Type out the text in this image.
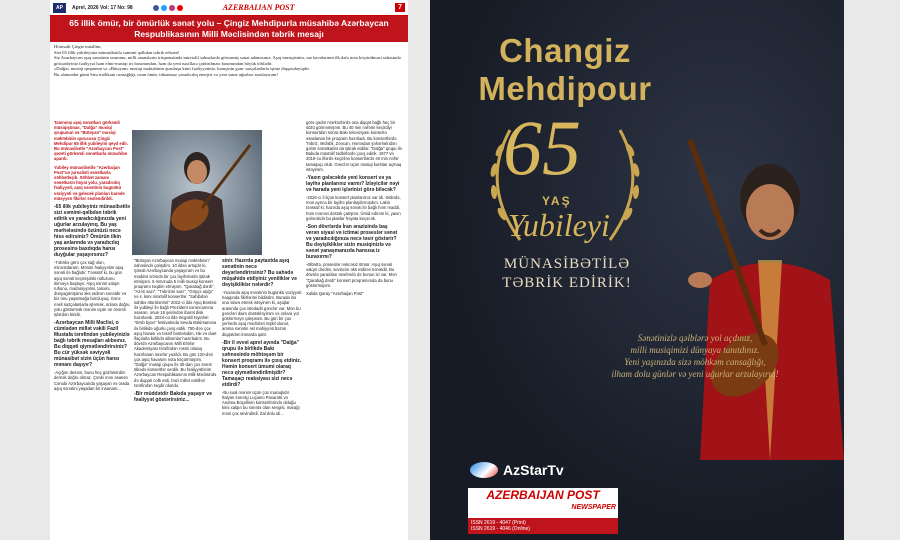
AP	Aprel, 2026 Vol: 17 No: 98	AZERBAIJAN POST	7
65 illik ömür, bir ömürlük sənət yolu – Çingiz Mehdipurla müsahibə Azərbaycan Respublikasının Milli Məclisindən təbrik mesajı
Hörmətli Çingiz müəllim,
Sizi 65 illik yubileyiniz münasibətilə səmimi qəlbdən təbrik edirəm!
Siz Azərbaycan aşıq sənətinin onurunu, milli ənənələrin irtiqamətində müxtəlif səhnələrdə göstərmiş sənət adamısınız. Aşıq musiqisinin, saz havalarının ilk dəfə nota köçürülməsi sahəsində göstərdiyiniz fəaliyyət həm elmi-musiqi irs baxımından, həm də yeni nəsillərə çatdırılması baxımından böyük töhfədir.
«Dalğa» musiqi qrupunun və «Bütəyan» musiqi məktəbinin quruluşu kimi fəaliyyətiniz, həmçinin gənc sazçalanlarla işiniz diqqətəlayiqdir.
Bu əlamətdar günü Sizə möhkəm cansağlığı, uzun ömür, tükənməz yaradıcılıq enerjisi və yeni sənət uğurları arzulayıram!
Tanınmış aşıq sənətkarı görkəmli müsiqişünas, "Dalğa" musiqi qrupunun və "Bütəyan" musiqi məktəbinin qurucusu Çingiz Mehdipur 65 illik yubileyini qeyd edir. Bu münasibətlə "Azərbaycan Post" qəzeti görkəmli sənətkarla müsahibə apardı.
Yubiley münasibətilə "Azerbaijan Post"un jurnalisti sənətkarla söhbətləşib. Söhbət zamanı sənətkarın həyat yolu, yaradıcılıq fəaliyyəti, aşıq sənətinin bugünkü vəziyyəti və gələcək planları barədə müəyyən fikirlər səsləndirildi.
-65 illik yubileyiniz münasibətilə sizi səmimi-qəlbdən təbrik edirik və yaradıcılığınızda yeni uğurlar arzulayırıq. Bu yaş mərhələsində özünüzü necə hiss edirsiniz? Ömürün ilkin yaş anlarında və yaradıcılıq prosesinə baxdıqda hansı duyğular yaşayırsınız?
-Təbrikə görə çox sağ olun, minnətdaram. Mənim fəaliyyətim aşıq sənəti ilə bağlıdır. Təəssüf ki, bu gün aşıq sənəti keçmişdəki nüfuzunu itirməyə başlayır. Aşıq sənəti xalqın ruhunu, mədəniyyətini, tarixini, dünyagörüşünü əks etdirən sənətdir və biz onu yaşatmağa borcluyuq. Gənc nəsil sazçalanlarla işləmək, onlara doğru yolu göstərmək mənim üçün ən önəmli işlərdən biridir.
-Azərbaycan Milli Məclisi, o cümlədən millət vəkili Fazil Mustafa tərəfindən yubileyinizlə bağlı təbrik mesajları alıbsınız. Bu diqqəti qiymətləndirirsiniz? Bu cür yüksək səviyyəli münasibət sizin üçün hansı mənanı daşıyır?
-Açığını desəm, bunu heç gözləmirdim demək doğru olmaz. Çünki mən əsasən Cənubi Azərbaycanda yaşayan və orada aşıq sənətini yaşadan bir insanam...
"Bütəyan Azərbaycan musiqi məktəbinin" sahəsində çalışdım. 10 ildən artıqdır ki, Şimali Azərbaycanda yaşayıram və bu müddət ərzində bir çox layihələrdə iştirak etmişəm. 5 mövzuda 5 milli musiqi konsert proqramı təqdim etmişəm. "Qarabağ dərdi", "Azəri sazı", "Təbrizim sazı", "Göyçə aşığı" və s. kimi müxtəlif konsertlər. "Sahibdən sahibə ötürülənləri" 2022-ci ildə Aşıq Bəstəsi ilə yubileyi ilə bağlı Prezident sərəncamına əsasən, onun 18 şeirindən ibarət disk hazırlandı. 2024-cü ildə Əcgəbli təyinləri "Ərəb byarı" festivalında Sevda Bəkirsanova ilə birlikdə uğurlu çıxış etdik. 750-dən çox aşıq havası və təsnif bəstələdim, tək və duet ifaçılarla birlikdə albomlar hazırladım. Bu dövrdə Azərbaycanın Milli Elmlər Akademiyası tərəfindən rəsmi olaraq hazırlanan əsərlər yazıldı. Bu gün 120-dən çox aşıq havasını nota köçürmüşəm. "Dalğa" musiqi qrupu ilə 30-dan çox sənət ölkədə konsertlər verdik. Bu fəaliyyətlərim Azərbaycan Respublikasının Milli Məclisində də diqqəti cəlb etdi, bəzi millət vəkilləri tərəfindən təqdir olundu.
-Bir müddətdir Bakıda yaşayır və fəaliyyət göstərirsiniz...
sinir. Hazırda paytaxtda aşıq sənətinin necə dəyərləndirirsiniz? Bu sahədə müşahidə etdiyiniz yeniliklər və dəyişikliklər nələrdir?
-Yuxarıda aşıq sənətinin bugünkü vəziyyəti haqqında fikirlərimi bildirdim. Burada isə ona əlavə etmək istəyirəm ki, aşıqlar arasında çox istedadlı gənclər var. Mən bu gəncləri daim dəstəkləyirəm və onlara yol göstərməyə çalışıram. Bu gün bir çox yerlərdə aşıq məclisləri təşkil olunur, amma sənətin əsl mahiyyəti bəzən diqqətdən kənarda qalır.
-Bir il əvvəl aprel ayında "Dalğa" qrupu ilə birlikdə Bakı səhnəsində möhtəşəm bir konsert proqramı ilə çıxış etdiniz. Həmin konsert ümumi olaraq necə qiymətləndirilmişdir? Tamaşaçı reaksiyası sizi necə etdirdi?
-Bu sual mənim üçün çox maraqlıdır. İtalyan sənətçi Luçiano Pavarotti və Andrea Boçellinin konsertlərində olduğu kimi xalqın bu sənətə olan sevgisi, marağı məni çox sevindirdi. Zal dolu idi...
görə qədər mərkəzlərdə ona diqqət bağlı heç bir sözü görməmişəm. Bu 40 min nəfərin keçirdiyi konsertdən sonra Bakı televiziyası konsertə əsaslanan bir proqram hazırladı. Bu konsertlərdə Təbriz, Ərdəbil, Zəncan, Həmədan şəhərlərindən gələn sənətkarlar da iştirak etdilər. "Dalğa" qrupu ilə Bakıda müxtəlif tədbirlərdə çıxış edirik. 1977 və 2019-cu illərdə keçirilən konsertlərdə 40 min nəfər tamaşaçı olub. Gənclər üçün musiqi kursları açmaq istəyirəm.
-Yaxın gələcəkdə yeni konsert və ya layihə planlarınız varmı? İzləyicilər nəyi və harada yeni işlərinizi görə biləcək?
-2026-cı il ilçün konsert planlarımız var idi. Əslində, mən ayrıca bir layihə planlaşdırmışdım. Lakin təəssüf ki, hazırda aşıq sənəti ilə bağlı həm maddi, həm mənəvi dəstək çatışmır. Ümid edirəm ki, yaxın gələcəkdə bu planlar həyata keçəcək.
-Son dövrlərdə İran ərazisində baş verən siyasi və ictimai proseslər sənət və yaradıcılığınıza necə təsir göstərir? Bu dəyişikliklər sizin musiqinizlə və sənət yanaşmanızda hansısa iz buraxırmı?
-Əlbəttə, proseslər nəticəsiz ötmür. Aşıq sənəti xalqın dərdini, sevincini əks etdirən sənətdir. Bu dövrdə yaradılan əsərlərdə də bunun izi var. Mən "Qarabağ dərdi" konsert proqramımda da bunu göstərmişəm.
Xalida Qaray "Azerbaijan Post"
Changiz
Mehdipour
65
YAŞ
Yubileyi
MÜNASİBƏTİLƏ
TƏBRİK EDİRİK!
Sənətinizlə qəlblərə yol açdınız,
milli musiqimizi dünyaya tanıtdınız.
Yeni yaşınızda sizə möhkəm cansağlığı,
ilham dolu günlər və yeni uğurlar arzulayırıq!
AzStarTv
AZERBAIJAN POST
NEWSPAPER
ISSN 2619 - 4047 (Print)
ISSN 2619 - 4046 (Online)
